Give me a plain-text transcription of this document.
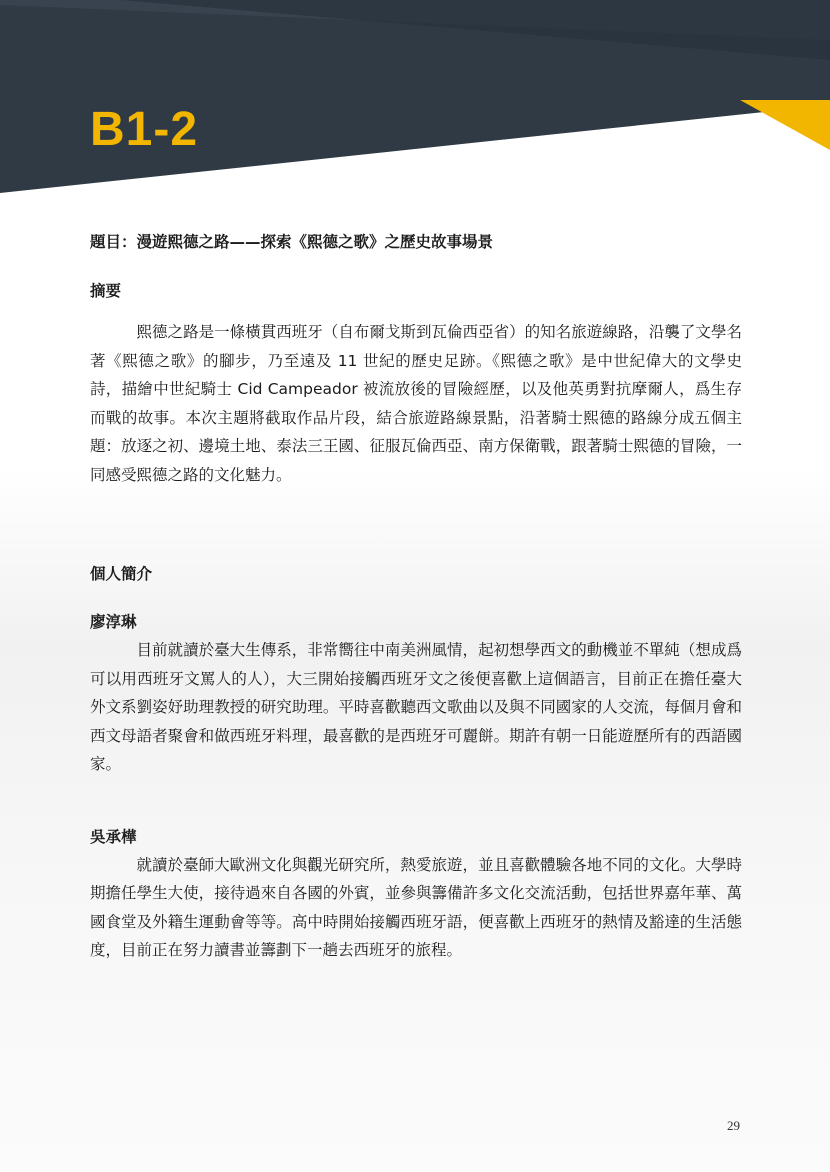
B1-2

題目：漫遊熙德之路——探索《熙德之歌》之歷史故事場景

摘要

熙德之路是一條橫貫西班牙（自布爾戈斯到瓦倫西亞省）的知名旅遊線路，沿襲了文學名著《熙德之歌》的腳步，乃至遠及 11 世紀的歷史足跡。《熙德之歌》是中世紀偉大的文學史詩，描繪中世紀騎士 Cid Campeador 被流放後的冒險經歷，以及他英勇對抗摩爾人，爲生存而戰的故事。本次主題將截取作品片段，結合旅遊路線景點，沿著騎士熙德的路線分成五個主題：放逐之初、邊境土地、泰法三王國、征服瓦倫西亞、南方保衛戰，跟著騎士熙德的冒險，一同感受熙德之路的文化魅力。

個人簡介

廖淳琳

目前就讀於臺大生傳系，非常嚮往中南美洲風情，起初想學西文的動機並不單純（想成爲可以用西班牙文罵人的人），大三開始接觸西班牙文之後便喜歡上這個語言，目前正在擔任臺大外文系劉姿妤助理教授的研究助理。平時喜歡聽西文歌曲以及與不同國家的人交流，每個月會和西文母語者聚會和做西班牙料理，最喜歡的是西班牙可麗餅。期許有朝一日能遊歷所有的西語國家。

吳承樺

就讀於臺師大歐洲文化與觀光研究所，熱愛旅遊，並且喜歡體驗各地不同的文化。大學時期擔任學生大使，接待過來自各國的外賓，並參與籌備許多文化交流活動，包括世界嘉年華、萬國食堂及外籍生運動會等等。高中時開始接觸西班牙語，便喜歡上西班牙的熱情及豁達的生活態度，目前正在努力讀書並籌劃下一趟去西班牙的旅程。

29
